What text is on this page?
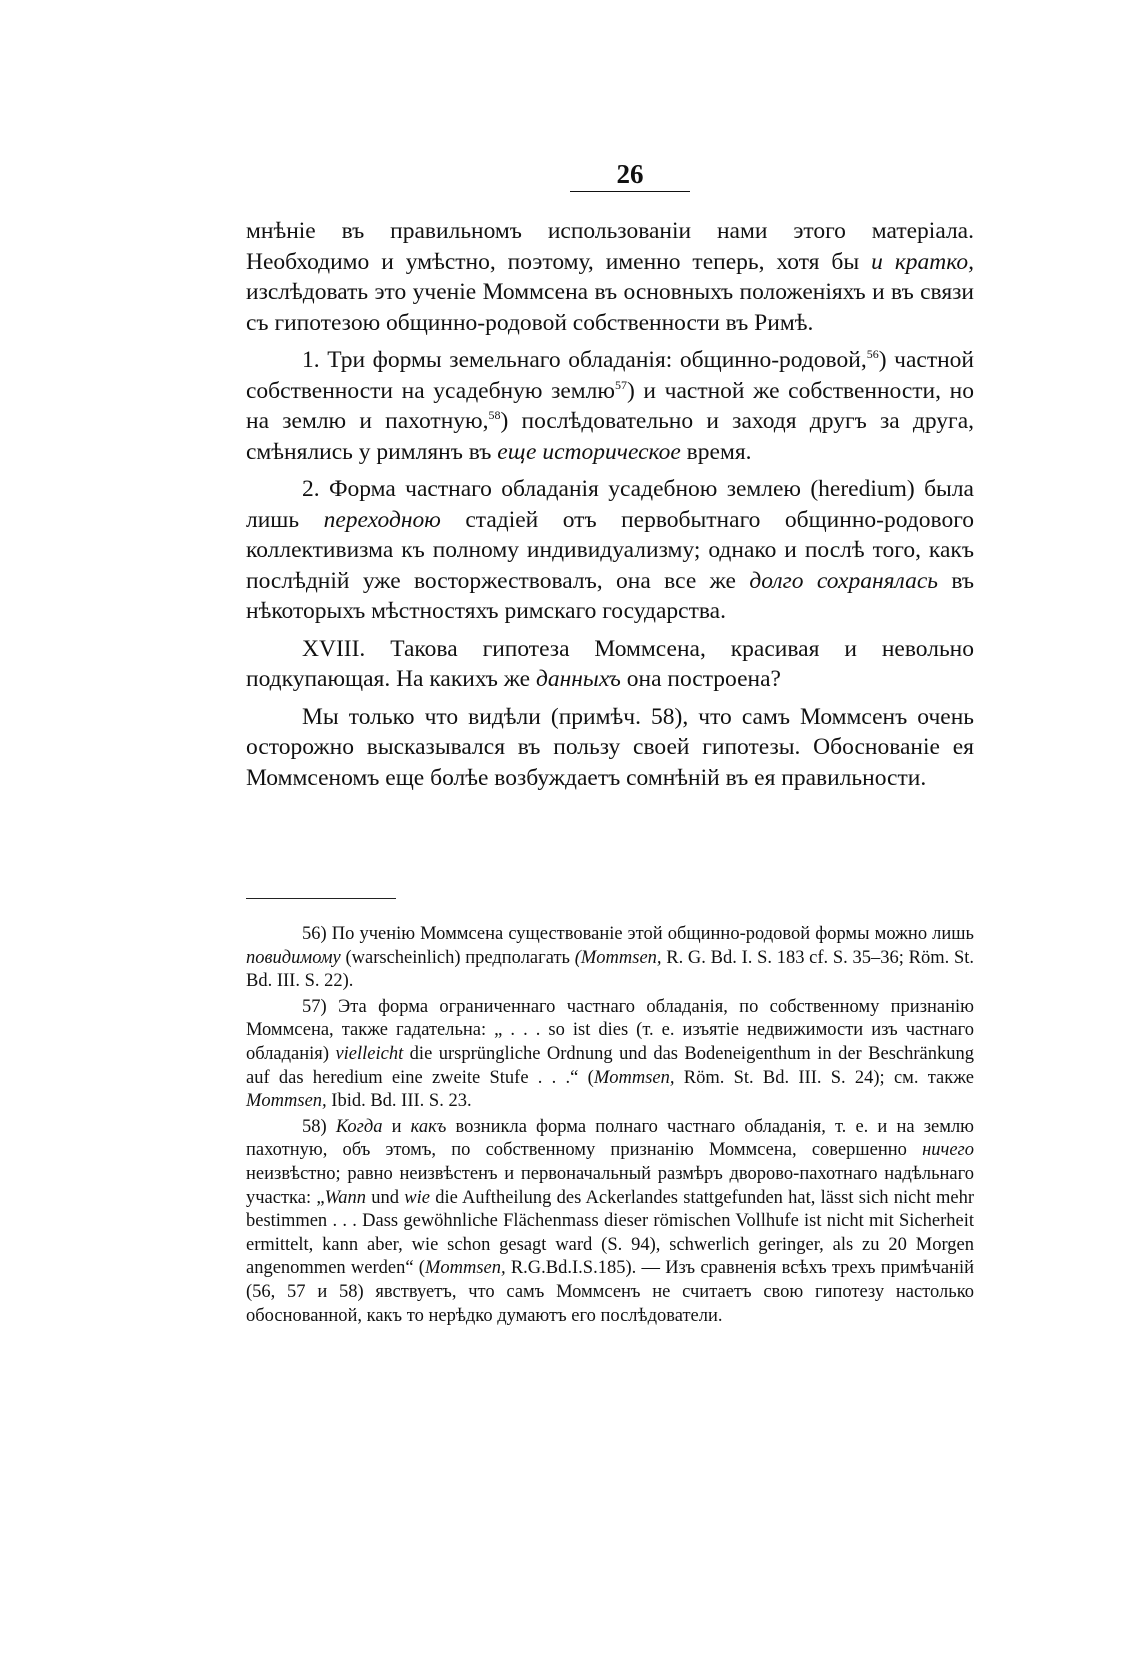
26

мнѣніе въ правильномъ использованіи нами этого матеріала. Необходимо и умѣстно, поэтому, именно теперь, хотя бы и кратко, изслѣдовать это ученіе Моммсена въ основныхъ положеніяхъ и въ связи съ гипотезою общинно-родовой собственности въ Римѣ.

1. Три формы земельнаго обладанія: общинно-родовой,$^{56}$) частной собственности на усадебную землю$^{57}$) и частной же собственности, но на землю и пахотную,$^{58}$) послѣдовательно и заходя другъ за друга, смѣнялись у римлянъ въ еще историческое время.

2. Форма частнаго обладанія усадебною землею (heredium) была лишь переходною стадіей отъ первобытнаго общинно-родового коллективизма къ полному индивидуализму; однако и послѣ того, какъ послѣдній уже восторжествовалъ, она все же долго сохранялась въ нѣкоторыхъ мѣстностяхъ римскаго государства.

XVIII. Такова гипотеза Моммсена, красивая и невольно подкупающая. На какихъ же данныхъ она построена?

Мы только что видѣли (примѣч. 58), что самъ Моммсенъ очень осторожно высказывался въ пользу своей гипотезы. Обоснованіе ея Моммсеномъ еще болѣе возбуждаетъ сомнѣній въ ея правильности.

56) По ученію Моммсена существованіе этой общинно-родовой формы можно лишь повидимому (warscheinlich) предполагать (Mommsen, R. G. Bd. I. S. 183 cf. S. 35–36; Röm. St. Bd. III. S. 22).

57) Эта форма ограниченнаго частнаго обладанія, по собственному признанію Моммсена, также гадательна: „ . . . so ist dies (т. е. изъятіе недвижимости изъ частнаго обладанія) vielleicht die ursprüngliche Ordnung und das Bodeneigenthum in der Beschränkung auf das heredium eine zweite Stufe . . .“ (Mommsen, Röm. St. Bd. III. S. 24); см. также Mommsen, Ibid. Bd. III. S. 23.

58) Когда и какъ возникла форма полнаго частнаго обладанія, т. е. и на землю пахотную, объ этомъ, по собственному признанію Моммсена, совершенно ничего неизвѣстно; равно неизвѣстенъ и первоначальный размѣръ дворово-пахотнаго надѣльнаго участка: „Wann und wie die Auftheilung des Ackerlandes stattgefunden hat, lässt sich nicht mehr bestimmen . . . Dass gewöhnliche Flächenmass dieser römischen Vollhufe ist nicht mit Sicherheit ermittelt, kann aber, wie schon gesagt ward (S. 94), schwerlich geringer, als zu 20 Morgen angenommen werden“ (Mommsen, R.G.Bd.I.S.185). — Изъ сравненія всѣхъ трехъ примѣчаній (56, 57 и 58) явствуетъ, что самъ Моммсенъ не считаетъ свою гипотезу настолько обоснованной, какъ то нерѣдко думаютъ его послѣдователи.
